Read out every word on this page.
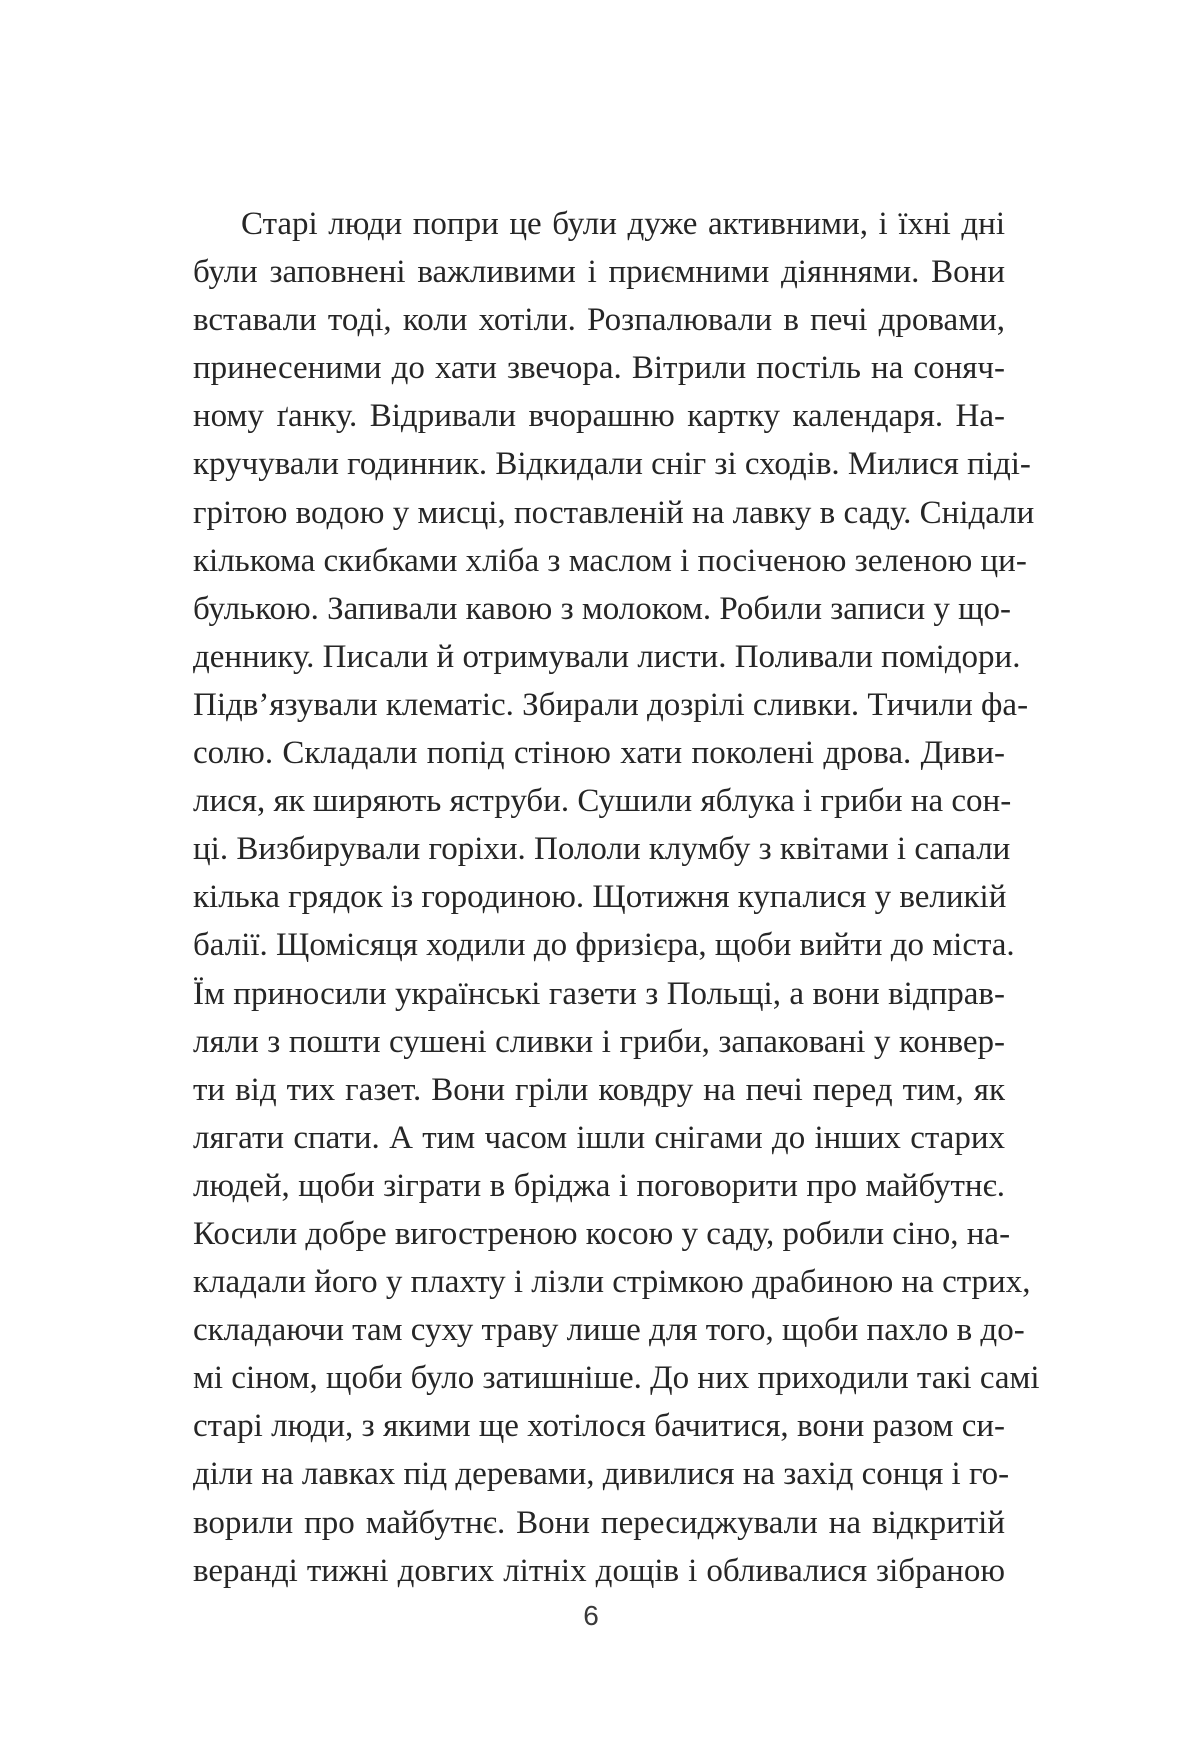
Старі люди попри це були дуже активними, і їхні дні
були заповнені важливими і приємними діяннями. Вони
вставали тоді, коли хотіли. Розпалювали в печі дровами,
принесеними до хати звечора. Вітрили постіль на соняч-
ному ґанку. Відривали вчорашню картку календаря. На-
кручували годинник. Відкидали сніг зі сходів. Милися піді-
грітою водою у мисці, поставленій на лавку в саду. Снідали
кількома скибками хліба з маслом і посіченою зеленою ци-
булькою. Запивали кавою з молоком. Робили записи у що-
деннику. Писали й отримували листи. Поливали помідори.
Підв’язували клематіс. Збирали дозрілі сливки. Тичили фа-
солю. Складали попід стіною хати поколені дрова. Диви-
лися, як ширяють яструби. Сушили яблука і гриби на сон-
ці. Визбирували горіхи. Пололи клумбу з квітами і сапали
кілька грядок із городиною. Щотижня купалися у великій
балії. Щомісяця ходили до фризієра, щоби вийти до міста.
Їм приносили українські газети з Польщі, а вони відправ-
ляли з пошти сушені сливки і гриби, запаковані у конвер-
ти від тих газет. Вони гріли ковдру на печі перед тим, як
лягати спати. А тим часом ішли снігами до інших старих
людей, щоби зіграти в бріджа і поговорити про майбутнє.
Косили добре вигостреною косою у саду, робили сіно, на-
кладали його у плахту і лізли стрімкою драбиною на стрих,
складаючи там суху траву лише для того, щоби пахло в до-
мі сіном, щоби було затишніше. До них приходили такі самі
старі люди, з якими ще хотілося бачитися, вони разом си-
діли на лавках під деревами, дивилися на захід сонця і го-
ворили про майбутнє. Вони пересиджували на відкритій
веранді тижні довгих літніх дощів і обливалися зібраною
6
